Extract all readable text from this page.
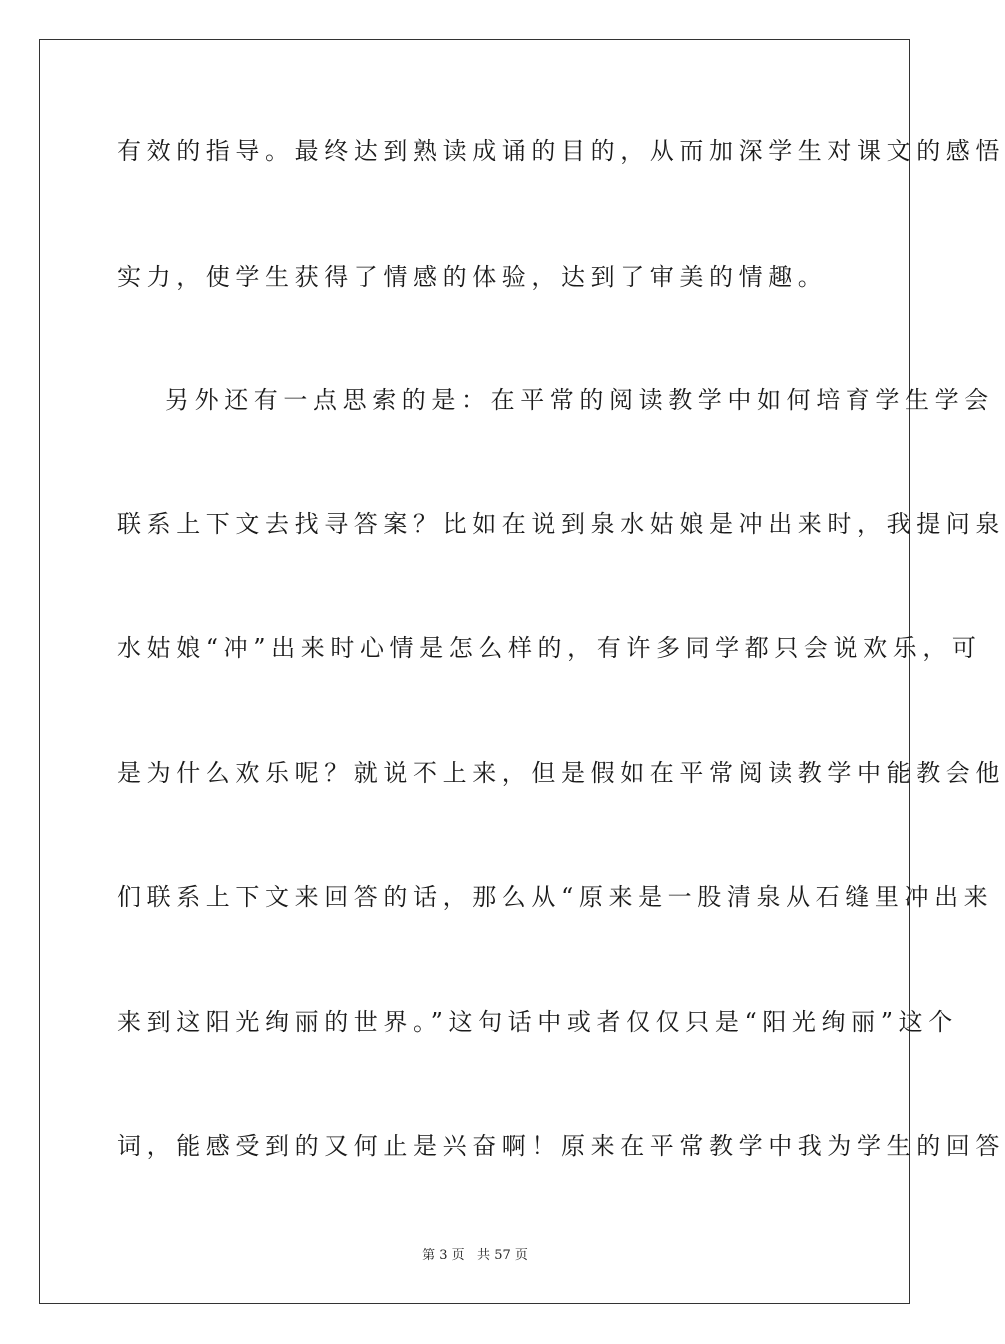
有效的指导。最终达到熟读成诵的目的，从而加深学生对课文的感悟
实力，使学生获得了情感的体验，达到了审美的情趣。
另外还有一点思索的是：在平常的阅读教学中如何培育学生学会
联系上下文去找寻答案？比如在说到泉水姑娘是冲出来时，我提问泉
水姑娘“冲”出来时心情是怎么样的，有许多同学都只会说欢乐，可
是为什么欢乐呢？就说不上来，但是假如在平常阅读教学中能教会他
们联系上下文来回答的话，那么从“原来是一股清泉从石缝里冲出来
来到这阳光绚丽的世界。”这句话中或者仅仅只是“阳光绚丽”这个
词，能感受到的又何止是兴奋啊！原来在平常教学中我为学生的回答
第 3 页   共 57 页
